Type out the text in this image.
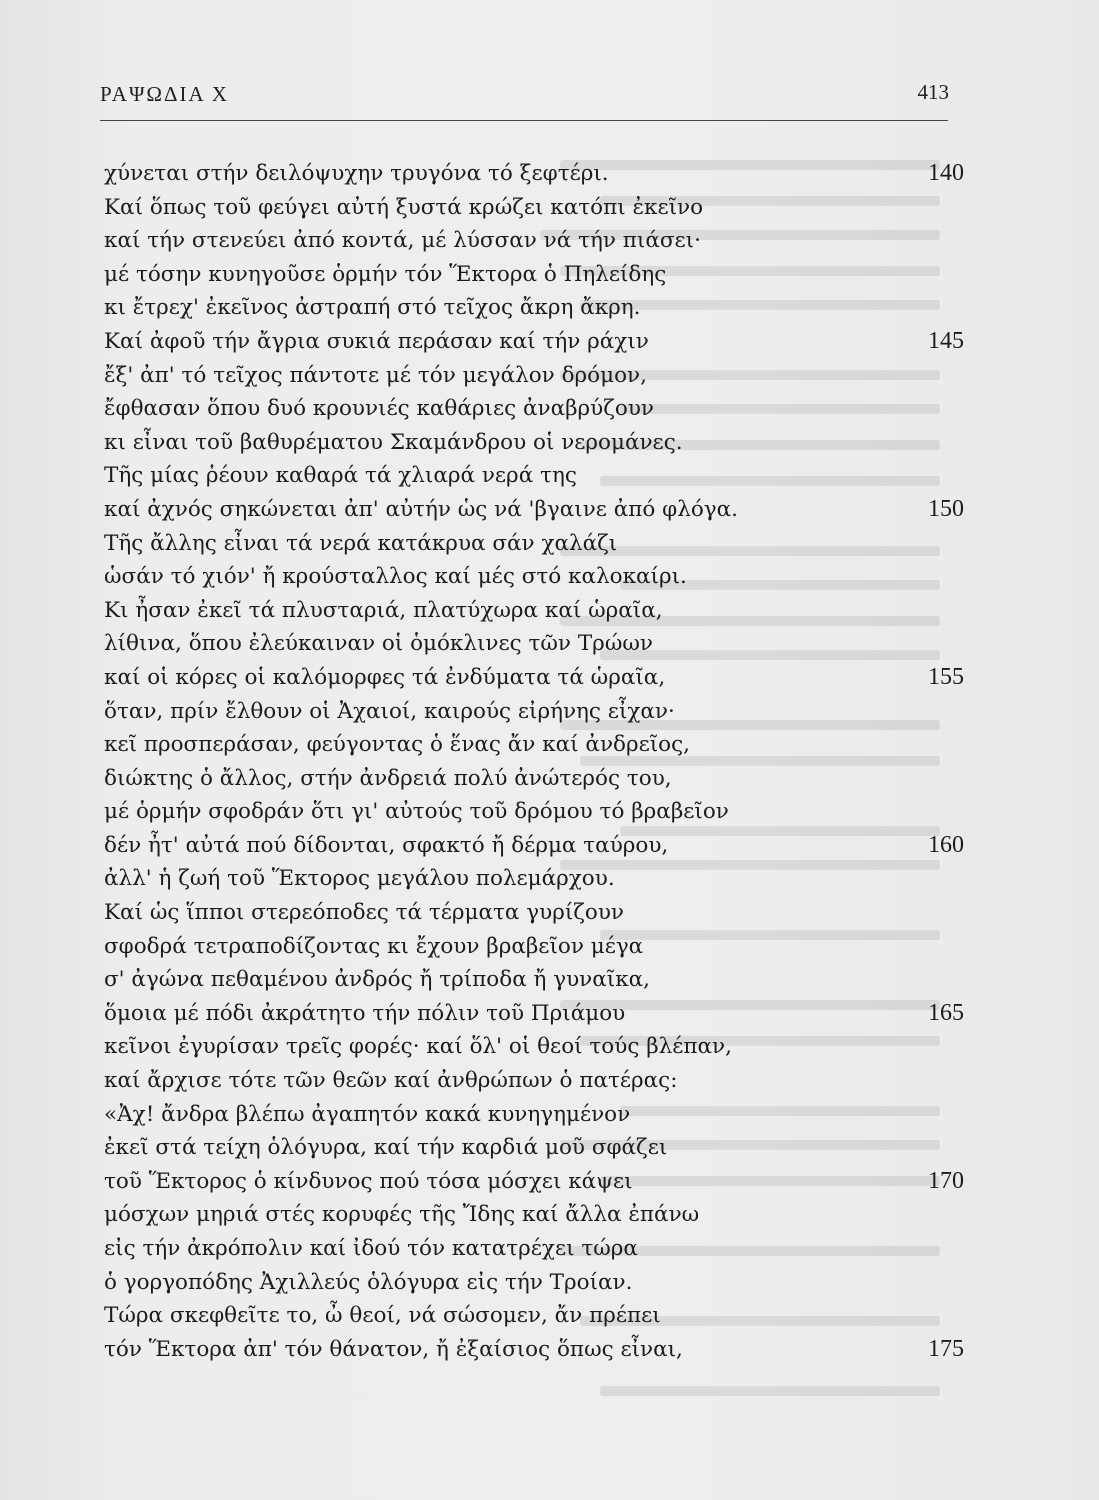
ΡΑΨΩΔΙΑ Χ	413
χύνεται στήν δειλόψυχην τρυγόνα τό ξεφτέρι.	140
Καί ὅπως τοῦ φεύγει αὐτή ξυστά κρώζει κατόπι ἐκεῖνο
καί τήν στενεύει ἀπό κοντά, μέ λύσσαν νά τήν πιάσει·
μέ τόσην κυνηγοῦσε ὁρμήν τόν Ἕκτορα ὁ Πηλείδης
κι ἔτρεχ' ἐκεῖνος ἀστραπή στό τεῖχος ἄκρη ἄκρη.
Καί ἀφοῦ τήν ἄγρια συκιά περάσαν καί τήν ράχιν	145
ἔξ' ἀπ' τό τεῖχος πάντοτε μέ τόν μεγάλον δρόμον,
ἔφθασαν ὅπου δυό κρουνιές καθάριες ἀναβρύζουν
κι εἶναι τοῦ βαθυρέματου Σκαμάνδρου οἱ νερομάνες.
Τῆς μίας ῥέουν καθαρά τά χλιαρά νερά της
καί ἀχνός σηκώνεται ἀπ' αὐτήν ὡς νά 'βγαινε ἀπό φλόγα.	150
Τῆς ἄλλης εἶναι τά νερά κατάκρυα σάν χαλάζι
ὡσάν τό χιόν' ἤ κρούσταλλος καί μές στό καλοκαίρι.
Κι ἦσαν ἐκεῖ τά πλυσταριά, πλατύχωρα καί ὡραῖα,
λίθινα, ὅπου ἐλεύκαιναν οἱ ὁμόκλινες τῶν Τρώων
καί οἱ κόρες οἱ καλόμορφες τά ἐνδύματα τά ὡραῖα,	155
ὅταν, πρίν ἔλθουν οἱ Ἀχαιοί, καιρούς εἰρήνης εἶχαν·
κεῖ προσπεράσαν, φεύγοντας ὁ ἕνας ἄν καί ἀνδρεῖος,
διώκτης ὁ ἄλλος, στήν ἀνδρειά πολύ ἀνώτερός του,
μέ ὁρμήν σφοδράν ὅτι γι' αὐτούς τοῦ δρόμου τό βραβεῖον
δέν ἦτ' αὐτά πού δίδονται, σφακτό ἤ δέρμα ταύρου,	160
ἀλλ' ἡ ζωή τοῦ Ἕκτορος μεγάλου πολεμάρχου.
Καί ὡς ἵπποι στερεόποδες τά τέρματα γυρίζουν
σφοδρά τετραποδίζοντας κι ἔχουν βραβεῖον μέγα
σ' ἀγώνα πεθαμένου ἀνδρός ἤ τρίποδα ἤ γυναῖκα,
ὅμοια μέ πόδι ἀκράτητο τήν πόλιν τοῦ Πριάμου	165
κεῖνοι ἐγυρίσαν τρεῖς φορές· καί ὅλ' οἱ θεοί τούς βλέπαν,
καί ἄρχισε τότε τῶν θεῶν καί ἀνθρώπων ὁ πατέρας:
«Ἀχ! ἄνδρα βλέπω ἀγαπητόν κακά κυνηγημένον
ἐκεῖ στά τείχη ὁλόγυρα, καί τήν καρδιά μοῦ σφάζει
τοῦ Ἕκτορος ὁ κίνδυνος πού τόσα μόσχει κάψει	170
μόσχων μηριά στές κορυφές τῆς Ἴδης καί ἄλλα ἐπάνω
εἰς τήν ἀκρόπολιν καί ἰδού τόν κατατρέχει τώρα
ὁ γοργοπόδης Ἀχιλλεύς ὁλόγυρα εἰς τήν Τροίαν.
Τώρα σκεφθεῖτε το, ὦ θεοί, νά σώσομεν, ἄν πρέπει
τόν Ἕκτορα ἀπ' τόν θάνατον, ἤ ἐξαίσιος ὅπως εἶναι,	175
